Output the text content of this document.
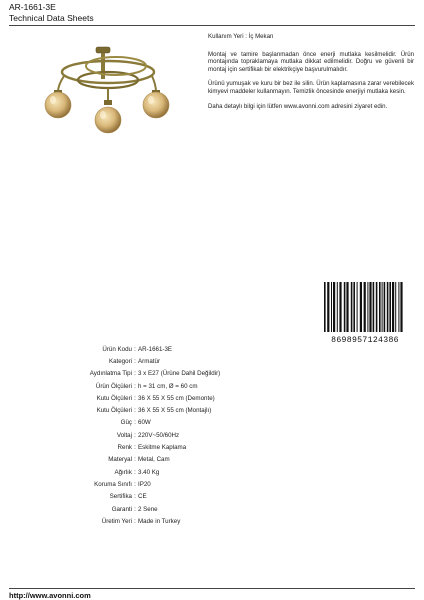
AR-1661-3E
Technical Data Sheets

Kullanım Yeri : İç Mekan

Montaj ve tamire başlanmadan önce enerji mutlaka kesilmelidir. Ürün montajında topraklamaya mutlaka dikkat edilmelidir. Doğru ve güvenli bir montaj için sertifikalı bir elektrikçiye başvurulmalıdır.

Ürünü yumuşak ve kuru bir bez ile silin. Ürün kaplamasına zarar verebilecek kimyevi maddeler kullanmayın. Temizlik öncesinde enerjiyi mutlaka kesin.

Daha detaylı bilgi için lütfen www.avonni.com adresini ziyaret edin.

8698957124386
Ürün Kodu : AR-1661-3E
Kategori : Armatür
Aydınlatma Tipi : 3 x E27 (Ürüne Dahil Değildir)
Ürün Ölçüleri : h = 31 cm, Ø = 60 cm
Kutu Ölçüleri : 36 X 55 X 55 cm (Demonte)
Kutu Ölçüleri : 36 X 55 X 55 cm (Montajlı)
Güç : 60W
Voltaj : 220V~50/60Hz
Renk : Eskitme Kaplama
Materyal : Metal, Cam
Ağırlık : 3.40 Kg
Koruma Sınıfı : IP20
Sertifika : CE
Garanti : 2 Sene
Üretim Yeri : Made in Turkey
http://www.avonni.com
